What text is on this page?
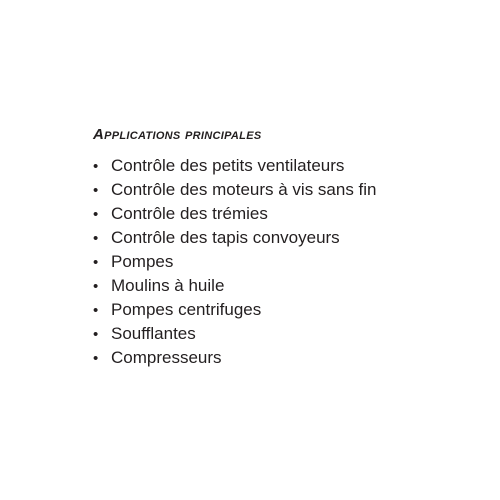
Applications principales
• Contrôle des petits ventilateurs
• Contrôle des moteurs à vis sans fin
• Contrôle des trémies
• Contrôle des tapis convoyeurs
• Pompes
• Moulins à huile
• Pompes centrifuges
• Soufflantes
• Compresseurs
